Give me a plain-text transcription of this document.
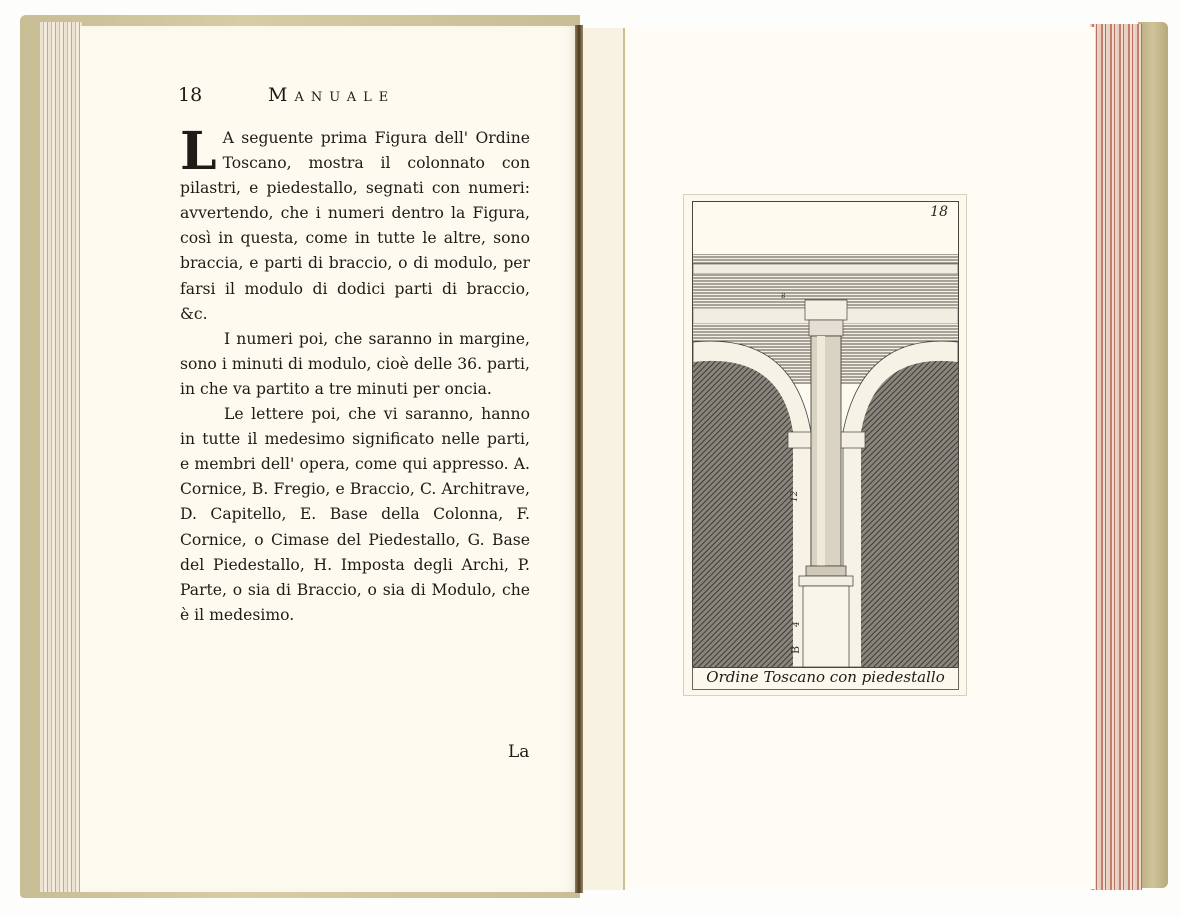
18	Manuale

L A seguente prima Figura dell' Ordine Toscano, mostra il colonnato con pilastri, e piedestallo, segnati con numeri: avvertendo, che i numeri dentro la Figura, così in questa, come in tutte le altre, sono braccia, e parti di braccio, o di modulo, per farsi il modulo di dodici parti di braccio, &c.

I numeri poi, che saranno in margine, sono i minuti di modulo, cioè delle 36. parti, in che va partito a tre minuti per oncia.

Le lettere poi, che vi saranno, hanno in tutte il medesimo significato nelle parti, e membri dell' opera, come qui appresso. A. Cornice, B. Fregio, e Braccio, C. Architrave, D. Capitello, E. Base della Colonna, F. Cornice, o Cimase del Piedestallo, G. Base del Piedestallo, H. Imposta degli Archi, P. Parte, o sia di Braccio, o sia di Modulo, che è il medesimo.

La
12
4
B
B
18
Ordine Toscano con piedestallo
